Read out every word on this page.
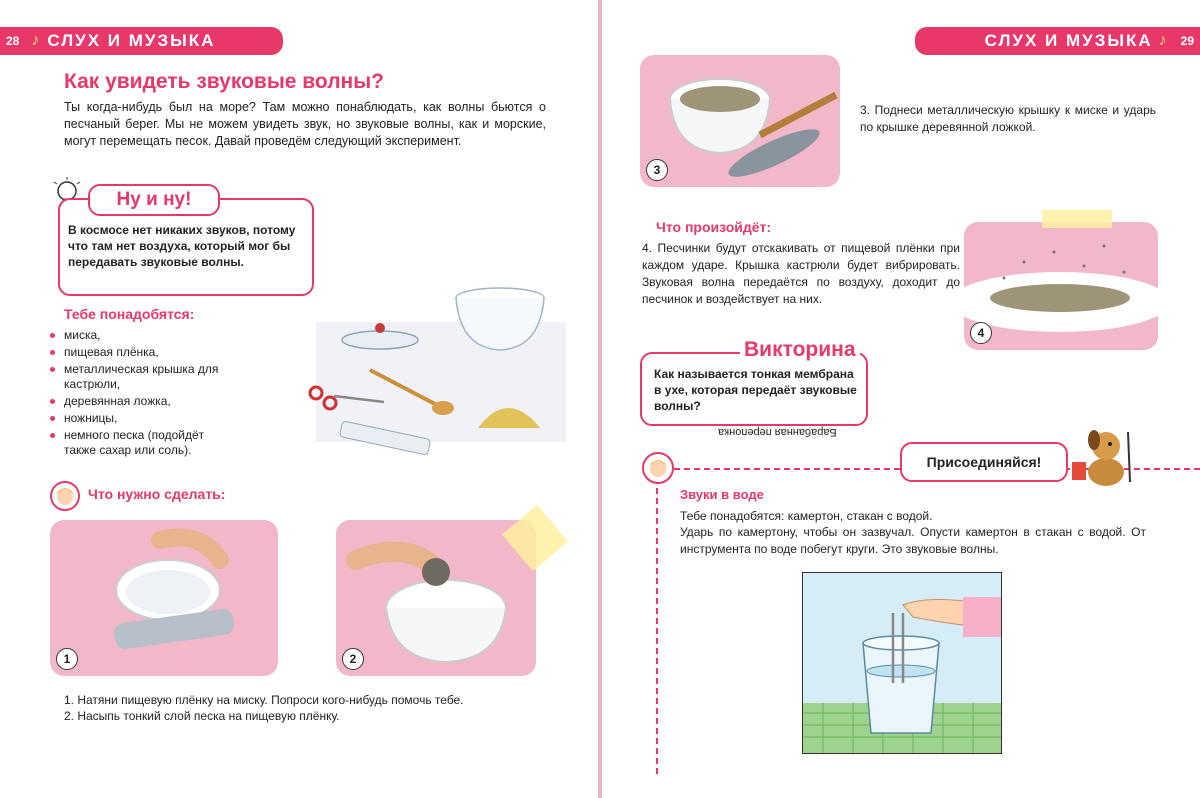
28 ♪ СЛУХ И МУЗЫКА
Как увидеть звуковые волны?
Ты когда-нибудь был на море? Там можно понаблюдать, как волны бьются о песчаный берег. Мы не можем увидеть звук, но звуковые волны, как и морские, могут перемещать песок. Давай проведём следующий эксперимент.
Ну и ну!
В космосе нет никаких звуков, потому что там нет воздуха, который мог бы передавать звуковые волны.
Тебе понадобятся:
миска,
пищевая плёнка,
металлическая крышка для кастрюли,
деревянная ложка,
ножницы,
немного песка (подойдёт также сахар или соль).
Что нужно сделать:
1	2
1. Натяни пищевую плёнку на миску. Попроси кого-нибудь помочь тебе.
2. Насыпь тонкий слой песка на пищевую плёнку.
СЛУХ И МУЗЫКА ♪ 29
3
3. Поднеси металлическую крышку к миске и ударь по крышке деревянной ложкой.
Что произойдёт:
4. Песчинки будут отскакивать от пищевой плёнки при каждом ударе. Крышка кастрюли будет вибрировать. Звуковая волна передаётся по воздуху, доходит до песчинок и воздействует на них.
4
Викторина
Как называется тонкая мембрана в ухе, которая передаёт звуковые волны?
Барабанная перепонка
Присоединяйся!
Звуки в воде
Тебе понадобятся: камертон, стакан с водой.
Ударь по камертону, чтобы он зазвучал. Опусти камертон в стакан с водой. От инструмента по воде побегут круги. Это звуковые волны.
